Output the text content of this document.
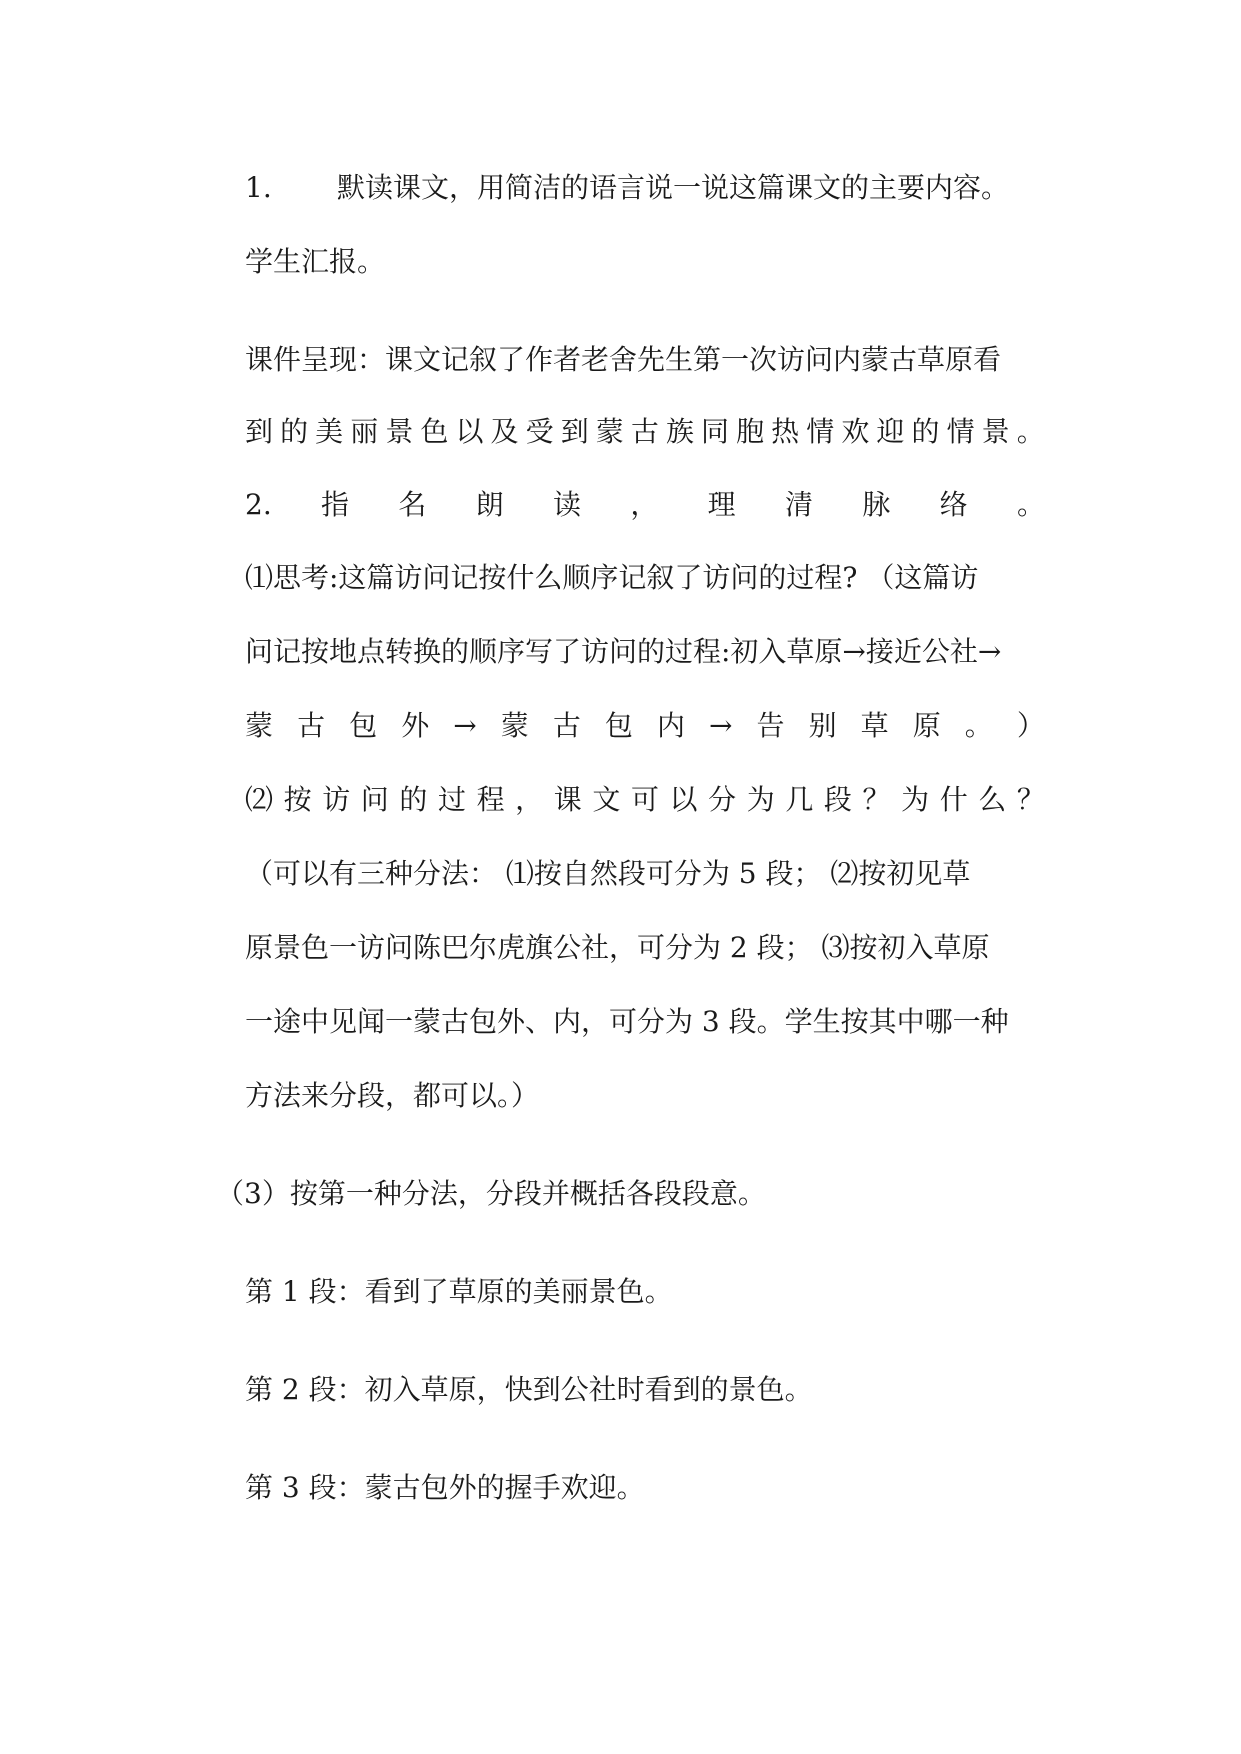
1. 默读课文，用简洁的语言说一说这篇课文的主要内容。
学生汇报。
课件呈现：课文记叙了作者老舍先生第一次访问内蒙古草原看
到 的 美 丽 景 色 以 及 受 到 蒙 古 族 同 胞 热 情 欢 迎 的 情 景 。
2. 指 名 朗 读 ， 理 清 脉 络 。
⑴思考:这篇访问记按什么顺序记叙了访问的过程? （这篇访
问记按地点转换的顺序写了访问的过程:初入草原→接近公社→
蒙 古 包 外 → 蒙 古 包 内 → 告 别 草 原 。 ）
⑵ 按 访 问 的 过 程 ， 课 文 可 以 分 为 几 段 ？ 为 什 么 ？
（可以有三种分法： ⑴按自然段可分为 5 段； ⑵按初见草
原景色一访问陈巴尔虎旗公社，可分为 2 段； ⑶按初入草原
一途中见闻一蒙古包外、内，可分为 3 段。学生按其中哪一种
方法来分段，都可以。）
（3）按第一种分法，分段并概括各段段意。
第 1 段：看到了草原的美丽景色。
第 2 段：初入草原，快到公社时看到的景色。
第 3 段：蒙古包外的握手欢迎。
